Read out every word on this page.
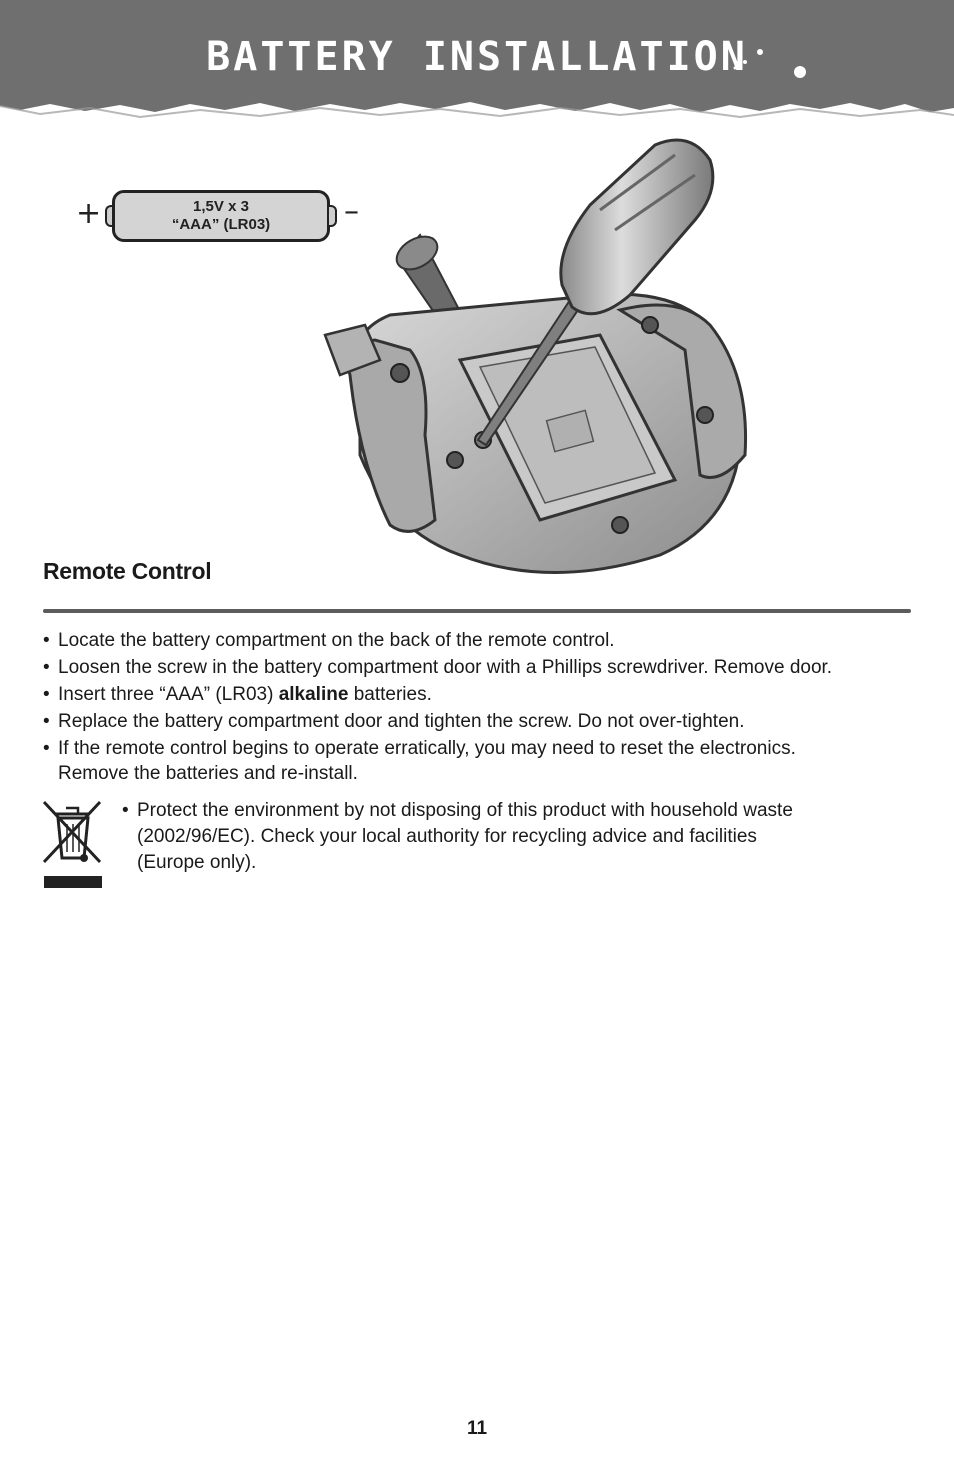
BATTERY INSTALLATION
+	1,5V x 3
“AAA” (LR03)	–
Remote Control
• Locate the battery compartment on the back of the remote control.
• Loosen the screw in the battery compartment door with a Phillips screwdriver. Remove door.
• Insert three “AAA” (LR03) alkaline batteries.
• Replace the battery compartment door and tighten the screw. Do not over-tighten.
• If the remote control begins to operate erratically, you may need to reset the electronics.
Remove the batteries and re-install.
• Protect the environment by not disposing of this product with household waste
(2002/96/EC). Check your local authority for recycling advice and facilities
(Europe only).
11
